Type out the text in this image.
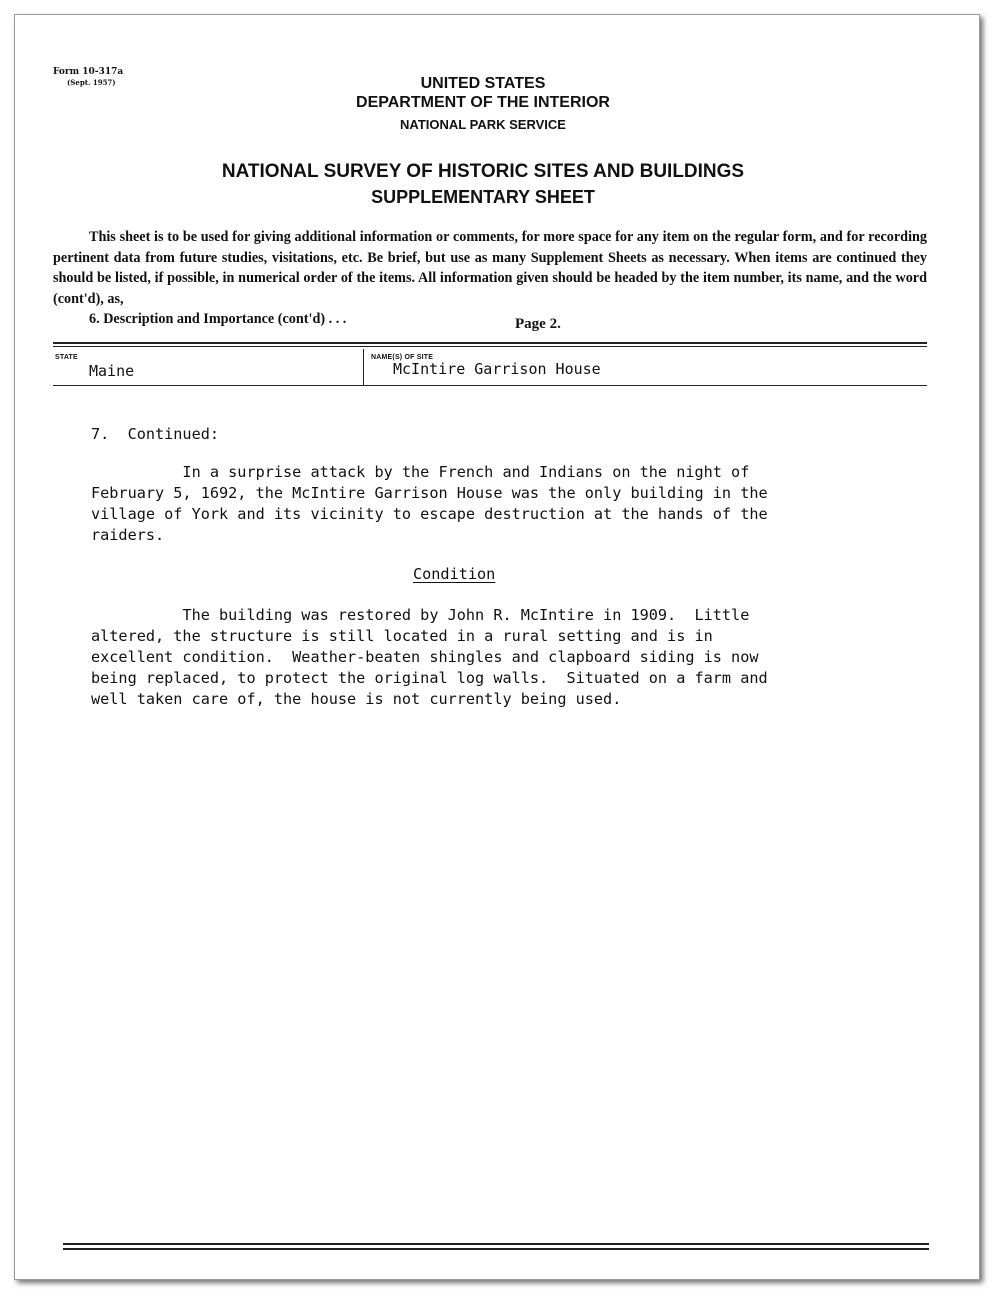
Form 10-317a
(Sept. 1957)	UNITED STATES
DEPARTMENT OF THE INTERIOR
NATIONAL PARK SERVICE
NATIONAL SURVEY OF HISTORIC SITES AND BUILDINGS
SUPPLEMENTARY SHEET
This sheet is to be used for giving additional information or comments, for more space for any item on the regular form, and for recording pertinent data from future studies, visitations, etc. Be brief, but use as many Supplement Sheets as necessary. When items are continued they should be listed, if possible, in numerical order of the items. All information given should be headed by the item number, its name, and the word (cont'd), as,
6. Description and Importance (cont'd) . . .	Page 2.
STATE
Maine
NAME(S) OF SITE
McIntire Garrison House
7.  Continued:
In a surprise attack by the French and Indians on the night of
February 5, 1692, the McIntire Garrison House was the only building in the
village of York and its vicinity to escape destruction at the hands of the
raiders.
Condition
The building was restored by John R. McIntire in 1909.  Little
altered, the structure is still located in a rural setting and is in
excellent condition.  Weather-beaten shingles and clapboard siding is now
being replaced, to protect the original log walls.  Situated on a farm and
well taken care of, the house is not currently being used.
